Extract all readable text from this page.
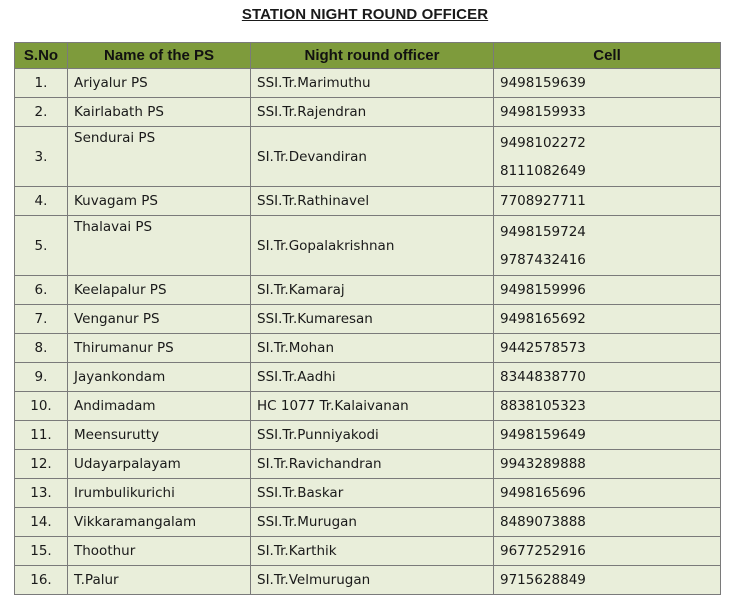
STATION NIGHT ROUND OFFICER
S.No	Name of the PS	Night round officer	Cell
1.	Ariyalur PS	SSI.Tr.Marimuthu	9498159639

2.	Kairlabath PS	SSI.Tr.Rajendran	9498159933

3.	Sendurai PS	SI.Tr.Devandiran	9498102272
8111082649

4.	Kuvagam PS	SSI.Tr.Rathinavel	7708927711

5.	Thalavai PS	SI.Tr.Gopalakrishnan	9498159724
9787432416

6.	Keelapalur PS	SI.Tr.Kamaraj	9498159996

7.	Venganur PS	SSI.Tr.Kumaresan	9498165692

8.	Thirumanur PS	SI.Tr.Mohan	9442578573

9.	Jayankondam	SSI.Tr.Aadhi	8344838770

10.	Andimadam	HC 1077 Tr.Kalaivanan	8838105323

11.	Meensurutty	SSI.Tr.Punniyakodi	9498159649

12.	Udayarpalayam	SI.Tr.Ravichandran	9943289888

13.	Irumbulikurichi	SSI.Tr.Baskar	9498165696

14.	Vikkaramangalam	SSI.Tr.Murugan	8489073888

15.	Thoothur	SI.Tr.Karthik	9677252916

16.	T.Palur	SI.Tr.Velmurugan	9715628849
